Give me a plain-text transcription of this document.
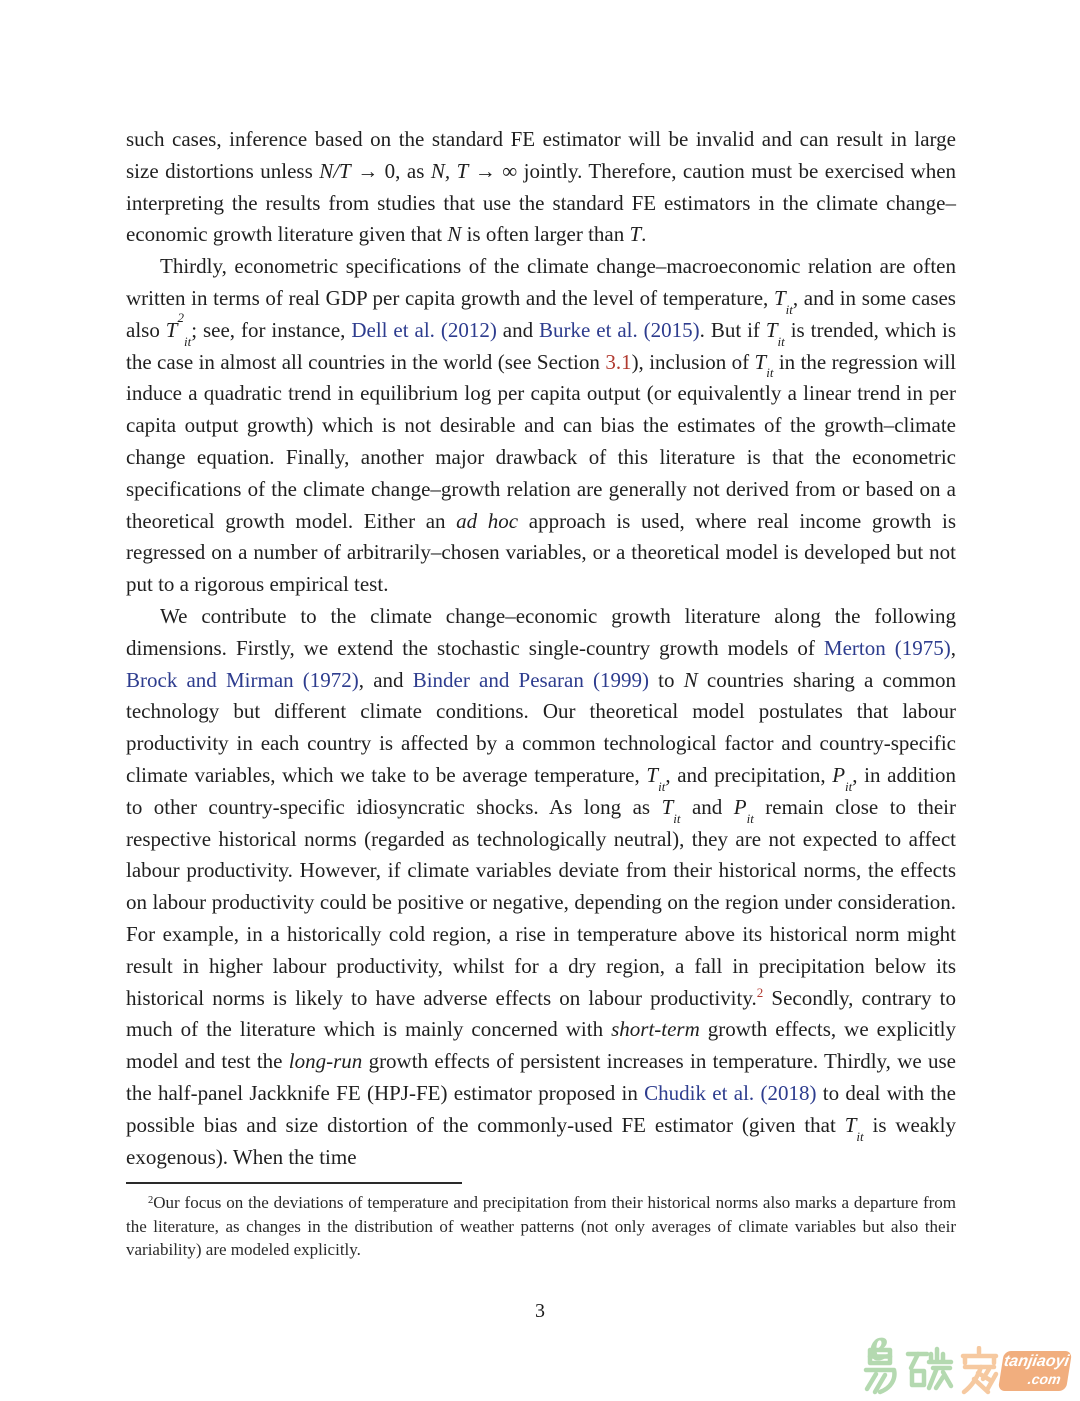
such cases, inference based on the standard FE estimator will be invalid and can result in large size distortions unless N/T → 0, as N, T → ∞ jointly. Therefore, caution must be exercised when interpreting the results from studies that use the standard FE estimators in the climate change–economic growth literature given that N is often larger than T.

Thirdly, econometric specifications of the climate change–macroeconomic relation are often written in terms of real GDP per capita growth and the level of temperature, $T_{it}$, and in some cases also $T^2_{it}$; see, for instance, Dell et al. (2012) and Burke et al. (2015). But if $T_{it}$ is trended, which is the case in almost all countries in the world (see Section 3.1), inclusion of $T_{it}$ in the regression will induce a quadratic trend in equilibrium log per capita output (or equivalently a linear trend in per capita output growth) which is not desirable and can bias the estimates of the growth–climate change equation. Finally, another major drawback of this literature is that the econometric specifications of the climate change–growth relation are generally not derived from or based on a theoretical growth model. Either an ad hoc approach is used, where real income growth is regressed on a number of arbitrarily–chosen variables, or a theoretical model is developed but not put to a rigorous empirical test.

We contribute to the climate change–economic growth literature along the following dimensions. Firstly, we extend the stochastic single-country growth models of Merton (1975), Brock and Mirman (1972), and Binder and Pesaran (1999) to N countries sharing a common technology but different climate conditions. Our theoretical model postulates that labour productivity in each country is affected by a common technological factor and country-specific climate variables, which we take to be average temperature, $T_{it}$, and precipitation, $P_{it}$, in addition to other country-specific idiosyncratic shocks. As long as $T_{it}$ and $P_{it}$ remain close to their respective historical norms (regarded as technologically neutral), they are not expected to affect labour productivity. However, if climate variables deviate from their historical norms, the effects on labour productivity could be positive or negative, depending on the region under consideration. For example, in a historically cold region, a rise in temperature above its historical norm might result in higher labour productivity, whilst for a dry region, a fall in precipitation below its historical norms is likely to have adverse effects on labour productivity.$^2$ Secondly, contrary to much of the literature which is mainly concerned with short-term growth effects, we explicitly model and test the long-run growth effects of persistent increases in temperature. Thirdly, we use the half-panel Jackknife FE (HPJ-FE) estimator proposed in Chudik et al. (2018) to deal with the possible bias and size distortion of the commonly-used FE estimator (given that $T_{it}$ is weakly exogenous). When the time

$^2$Our focus on the deviations of temperature and precipitation from their historical norms also marks a departure from the literature, as changes in the distribution of weather patterns (not only averages of climate variables but also their variability) are modeled explicitly.

3
e	tanjiaoyi
.com
